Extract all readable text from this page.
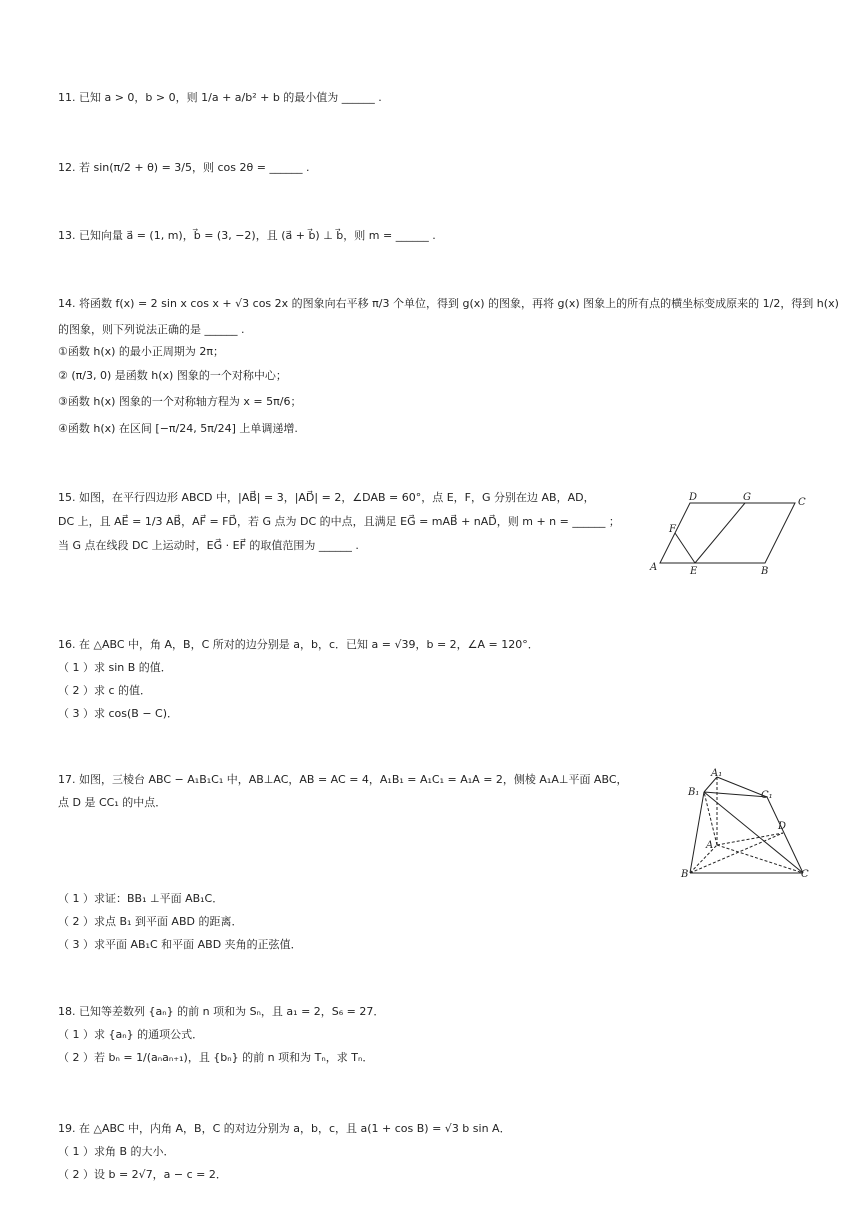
11. 已知 a > 0，b > 0，则 1/a + a/b² + b 的最小值为 ______ .
12. 若 sin(π/2 + θ) = 3/5，则 cos 2θ = ______ .
13. 已知向量 a⃗ = (1, m)，b⃗ = (3, −2)，且 (a⃗ + b⃗) ⊥ b⃗，则 m = ______ .
14. 将函数 f(x) = 2 sin x cos x + √3 cos 2x 的图象向右平移 π/3 个单位，得到 g(x) 的图象，再将 g(x) 图象上的所有点的横坐标变成原来的 1/2，得到 h(x)
的图象，则下列说法正确的是 ______ .
①函数 h(x) 的最小正周期为 2π；
② (π/3, 0) 是函数 h(x) 图象的一个对称中心；
③函数 h(x) 图象的一个对称轴方程为 x = 5π/6；
④函数 h(x) 在区间 [−π/24, 5π/24] 上单调递增.
15. 如图，在平行四边形 ABCD 中，|AB⃗| = 3，|AD⃗| = 2，∠DAB = 60°，点 E，F，G 分别在边 AB，AD，
DC 上，且 AE⃗ = 1/3 AB⃗，AF⃗ = FD⃗，若 G 点为 DC 的中点，且满足 EG⃗ = mAB⃗ + nAD⃗，则 m + n = ______ ；
当 G 点在线段 DC 上运动时，EG⃗ · EF⃗ 的取值范围为 ______ .
A	B
C
D
E
F
G
16. 在 △ABC 中，角 A，B，C 所对的边分别是 a，b，c．已知 a = √39，b = 2，∠A = 120°．
（ 1 ）求 sin B 的值．
（ 2 ）求 c 的值．
（ 3 ）求 cos(B − C)．
17. 如图，三棱台 ABC − A₁B₁C₁ 中，AB⊥AC，AB = AC = 4，A₁B₁ = A₁C₁ = A₁A = 2，侧棱 A₁A⊥平面 ABC，
点 D 是 CC₁ 的中点．
A₁
B₁	C₁
D
A
B	C
（ 1 ）求证：BB₁ ⊥平面 AB₁C．
（ 2 ）求点 B₁ 到平面 ABD 的距离．
（ 3 ）求平面 AB₁C 和平面 ABD 夹角的正弦值．
18. 已知等差数列 {aₙ} 的前 n 项和为 Sₙ，且 a₁ = 2，S₆ = 27．
（ 1 ）求 {aₙ} 的通项公式．
（ 2 ）若 bₙ = 1/(aₙaₙ₊₁)，且 {bₙ} 的前 n 项和为 Tₙ，求 Tₙ．
19. 在 △ABC 中，内角 A，B，C 的对边分别为 a，b，c，且 a(1 + cos B) = √3 b sin A．
（ 1 ）求角 B 的大小．
（ 2 ）设 b = 2√7，a − c = 2．
